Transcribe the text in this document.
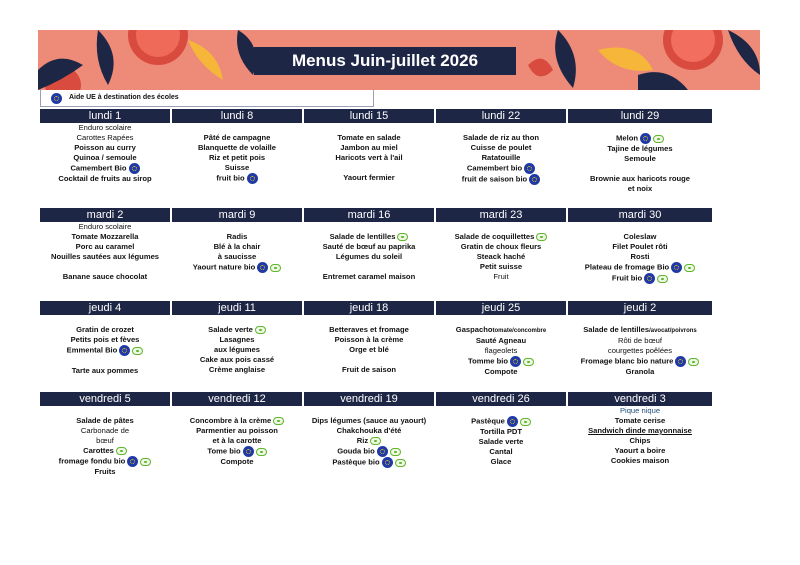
Menus Juin-juillet 2026
Aide UE à destination des écoles
lundi 1
Enduro scolaire
Carottes Rapées
Poisson au curry
Quinoa / semoule
Camembert Bio
Cocktail de fruits au sirop
lundi 8

Pâté de campagne
Blanquette de volaille
Riz et petit pois
Suisse
fruit bio
lundi 15

Tomate en salade
Jambon au miel
Haricots vert à l'ail

Yaourt fermier
lundi 22

Salade de riz au thon
Cuisse de poulet
Ratatouille
Camembert bio
fruit de saison bio
lundi 29

Melon
Tajine de légumes
Semoule

Brownie aux haricots rouge
et noix
mardi 2
Enduro scolaire
Tomate Mozzarella
Porc au caramel
Nouilles sautées aux légumes

Banane sauce chocolat
mardi 9

Radis
Blé à la chair
à saucisse
Yaourt nature bio
mardi 16

Salade de lentilles
Sauté de bœuf au paprika
Légumes du soleil

Entremet caramel maison
mardi 23

Salade de coquillettes
Gratin de choux fleurs
Steack haché
Petit suisse
Fruit
mardi 30

Coleslaw
Filet Poulet rôti
Rosti
Plateau de fromage Bio
Fruit bio
jeudi 4

Gratin de crozet
Petits pois et fèves
Emmental Bio

Tarte aux pommes
jeudi 11

Salade verte
Lasagnes
aux légumes
Cake aux pois cassé
Crème anglaise
jeudi 18

Betteraves et fromage
Poisson à la crème
Orge et blé

Fruit de saison
jeudi 25

Gaspachotomate/concombre
Sauté Agneau
flageolets
Tomme bio
Compote
jeudi 2

Salade de lentilles/avocat/poivrons
Rôti de bœuf
courgettes poêlées
Fromage blanc bio nature
Granola
vendredi 5

Salade de pâtes
Carbonade de
bœuf
Carottes
fromage fondu bio
Fruits
vendredi 12

Concombre à la crème
Parmentier au poisson
et à la carotte
Tome bio
Compote
vendredi 19

Dips légumes (sauce au yaourt)
Chakchouka d'été
Riz
Gouda bio
Pastèque bio
vendredi 26

Pastèque
Tortilla PDT
Salade verte
Cantal
Glace
vendredi 3
Pique nique
Tomate cerise
Sandwich dinde mayonnaise
Chips
Yaourt a boire
Cookies maison
